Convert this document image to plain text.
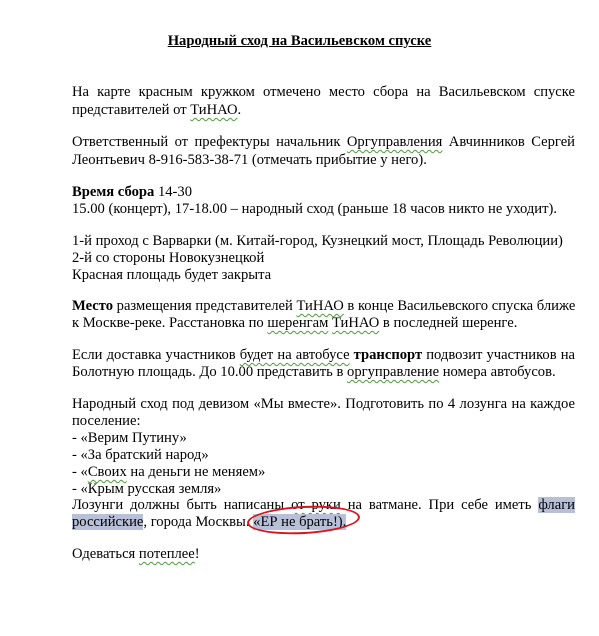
Народный сход на Васильевском спуске
На карте красным кружком отмечено место сбора на Васильевском спуске
представителей от ТиНАО.
Ответственный от префектуры начальник Оргуправления Авчинников Сергей
Леонтьевич 8-916-583-38-71 (отмечать прибытие у него).
Время сбора 14-30
15.00 (концерт), 17-18.00 – народный сход (раньше 18 часов никто не уходит).
1-й проход с Варварки (м. Китай-город, Кузнецкий мост, Площадь Революции)
2-й со стороны Новокузнецкой
Красная площадь будет закрыта
Место размещения представителей ТиНАО в конце Васильевского спуска ближе
к Москве-реке. Расстановка по шеренгам ТиНАО в последней шеренге.
Если доставка участников будет на автобусе транспорт подвозит участников на
Болотную площадь. До 10.00 представить в оргуправление номера автобусов.
Народный сход под девизом «Мы вместе». Подготовить по 4 лозунга на каждое
поселение:
- «Верим Путину»
- «За братский народ»
- «Своих на деньги не меняем»
- «Крым русская земля»
Лозунги должны быть написаны от руки на ватмане. При себе иметь флаги
российские, города Москвы. «ЕР не брать!).
Одеваться потеплее!
